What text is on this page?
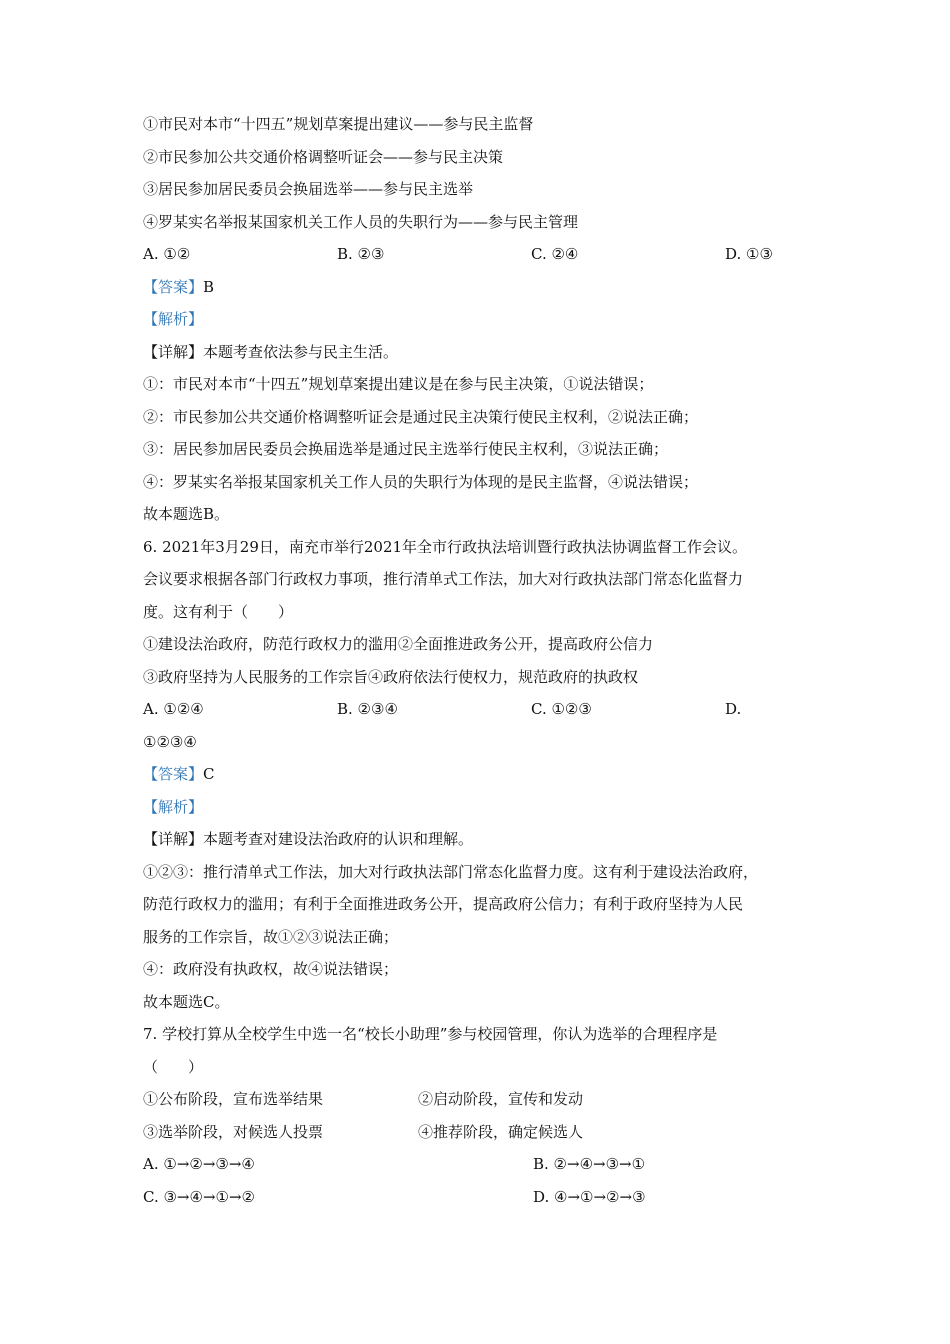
①市民对本市“十四五”规划草案提出建议——参与民主监督
②市民参加公共交通价格调整听证会——参与民主决策
③居民参加居民委员会换届选举——参与民主选举
④罗某实名举报某国家机关工作人员的失职行为——参与民主管理
A. ①②	B. ②③	C. ②④	D. ①③
【答案】B
【解析】
【详解】本题考查依法参与民主生活。
①：市民对本市“十四五”规划草案提出建议是在参与民主决策，①说法错误；
②：市民参加公共交通价格调整听证会是通过民主决策行使民主权利，②说法正确；
③：居民参加居民委员会换届选举是通过民主选举行使民主权利，③说法正确；
④：罗某实名举报某国家机关工作人员的失职行为体现的是民主监督，④说法错误；
故本题选B。
6. 2021年3月29日，南充市举行2021年全市行政执法培训暨行政执法协调监督工作会议。
会议要求根据各部门行政权力事项，推行清单式工作法，加大对行政执法部门常态化监督力
度。这有利于（　　）
①建设法治政府，防范行政权力的滥用②全面推进政务公开，提高政府公信力
③政府坚持为人民服务的工作宗旨④政府依法行使权力，规范政府的执政权
A. ①②④	B. ②③④	C. ①②③	D.
①②③④
【答案】C
【解析】
【详解】本题考查对建设法治政府的认识和理解。
①②③：推行清单式工作法，加大对行政执法部门常态化监督力度。这有利于建设法治政府，
防范行政权力的滥用；有利于全面推进政务公开，提高政府公信力；有利于政府坚持为人民
服务的工作宗旨，故①②③说法正确；
④：政府没有执政权，故④说法错误；
故本题选C。
7. 学校打算从全校学生中选一名“校长小助理”参与校园管理，你认为选举的合理程序是
（　　）
①公布阶段，宣布选举结果	②启动阶段，宣传和发动
③选举阶段，对候选人投票	④推荐阶段，确定候选人
A. ①→②→③→④	B. ②→④→③→①
C. ③→④→①→②	D. ④→①→②→③
